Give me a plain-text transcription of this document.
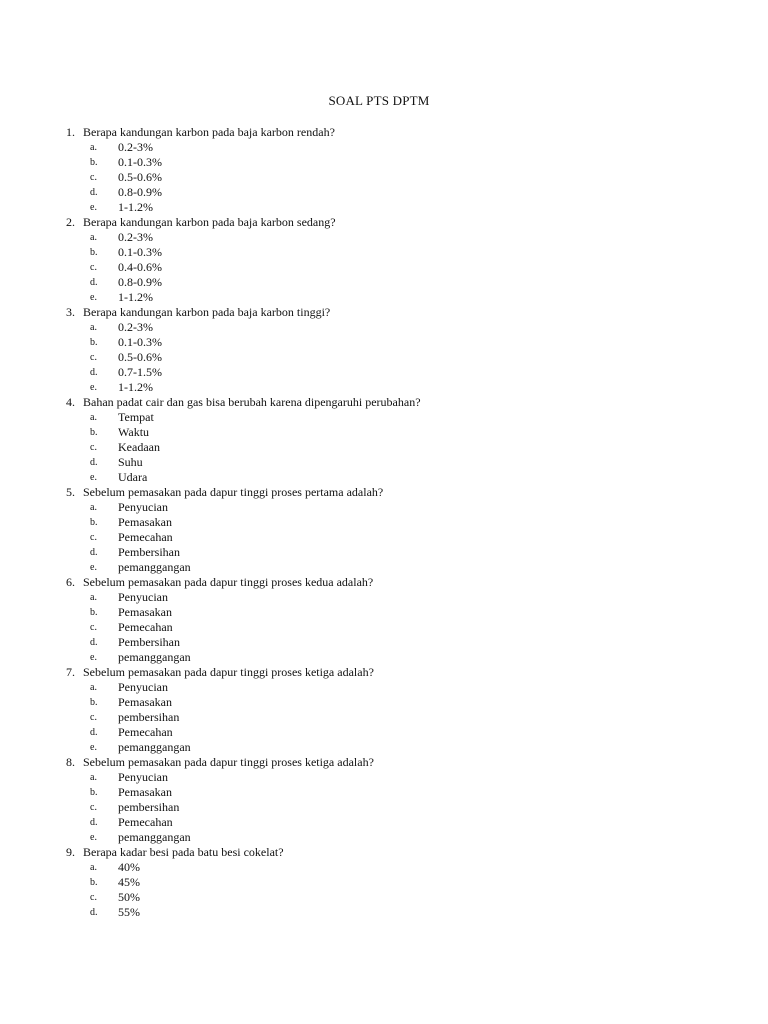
SOAL PTS DPTM
1. Berapa kandungan karbon pada baja karbon rendah?
a.	0.2-3%
b.	0.1-0.3%
c.	0.5-0.6%
d.	0.8-0.9%
e.	1-1.2%
2. Berapa kandungan karbon pada baja karbon sedang?
a.	0.2-3%
b.	0.1-0.3%
c.	0.4-0.6%
d.	0.8-0.9%
e.	1-1.2%
3. Berapa kandungan karbon pada baja karbon tinggi?
a.	0.2-3%
b.	0.1-0.3%
c.	0.5-0.6%
d.	0.7-1.5%
e.	1-1.2%
4. Bahan padat cair dan gas bisa berubah karena dipengaruhi perubahan?
a.	Tempat
b.	Waktu
c.	Keadaan
d.	Suhu
e.	Udara
5. Sebelum pemasakan pada dapur tinggi proses pertama adalah?
a.	Penyucian
b.	Pemasakan
c.	Pemecahan
d.	Pembersihan
e.	pemanggangan
6. Sebelum pemasakan pada dapur tinggi proses kedua adalah?
a.	Penyucian
b.	Pemasakan
c.	Pemecahan
d.	Pembersihan
e.	pemanggangan
7. Sebelum pemasakan pada dapur tinggi proses ketiga adalah?
a.	Penyucian
b.	Pemasakan
c.	pembersihan
d.	Pemecahan
e.	pemanggangan
8. Sebelum pemasakan pada dapur tinggi proses ketiga adalah?
a.	Penyucian
b.	Pemasakan
c.	pembersihan
d.	Pemecahan
e.	pemanggangan
9. Berapa kadar besi pada batu besi cokelat?
a.	40%
b.	45%
c.	50%
d.	55%
